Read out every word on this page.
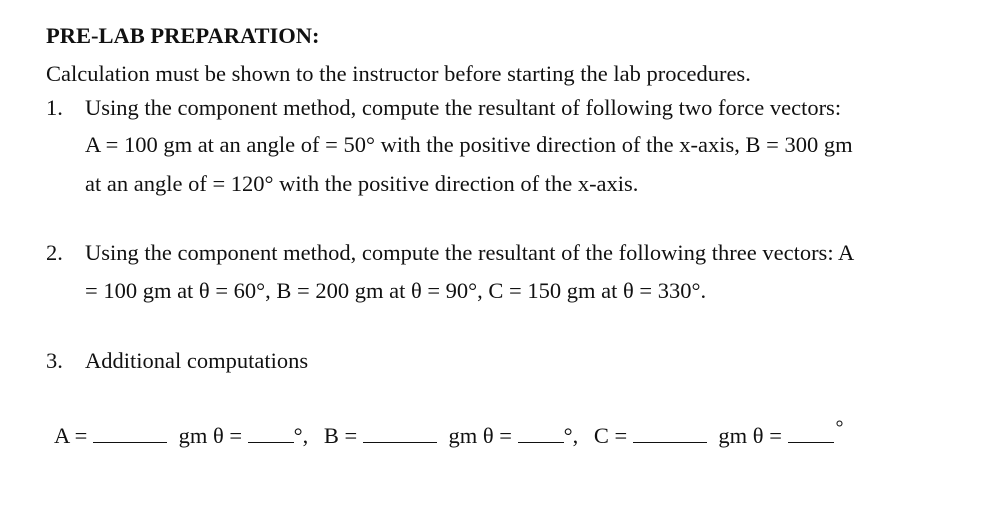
PRE-LAB PREPARATION:
Calculation must be shown to the instructor before starting the lab procedures.
1. Using the component method, compute the resultant of following two force vectors:
A = 100 gm at an angle of = 50° with the positive direction of the x-axis, B = 300 gm
at an angle of = 120° with the positive direction of the x-axis.
2. Using the component method, compute the resultant of the following three vectors: A
= 100 gm at θ = 60°, B = 200 gm at θ = 90°, C = 150 gm at θ = 330°.
3. Additional computations
A =	gm θ = °, B =	gm θ = °, C =	gm θ =	°
